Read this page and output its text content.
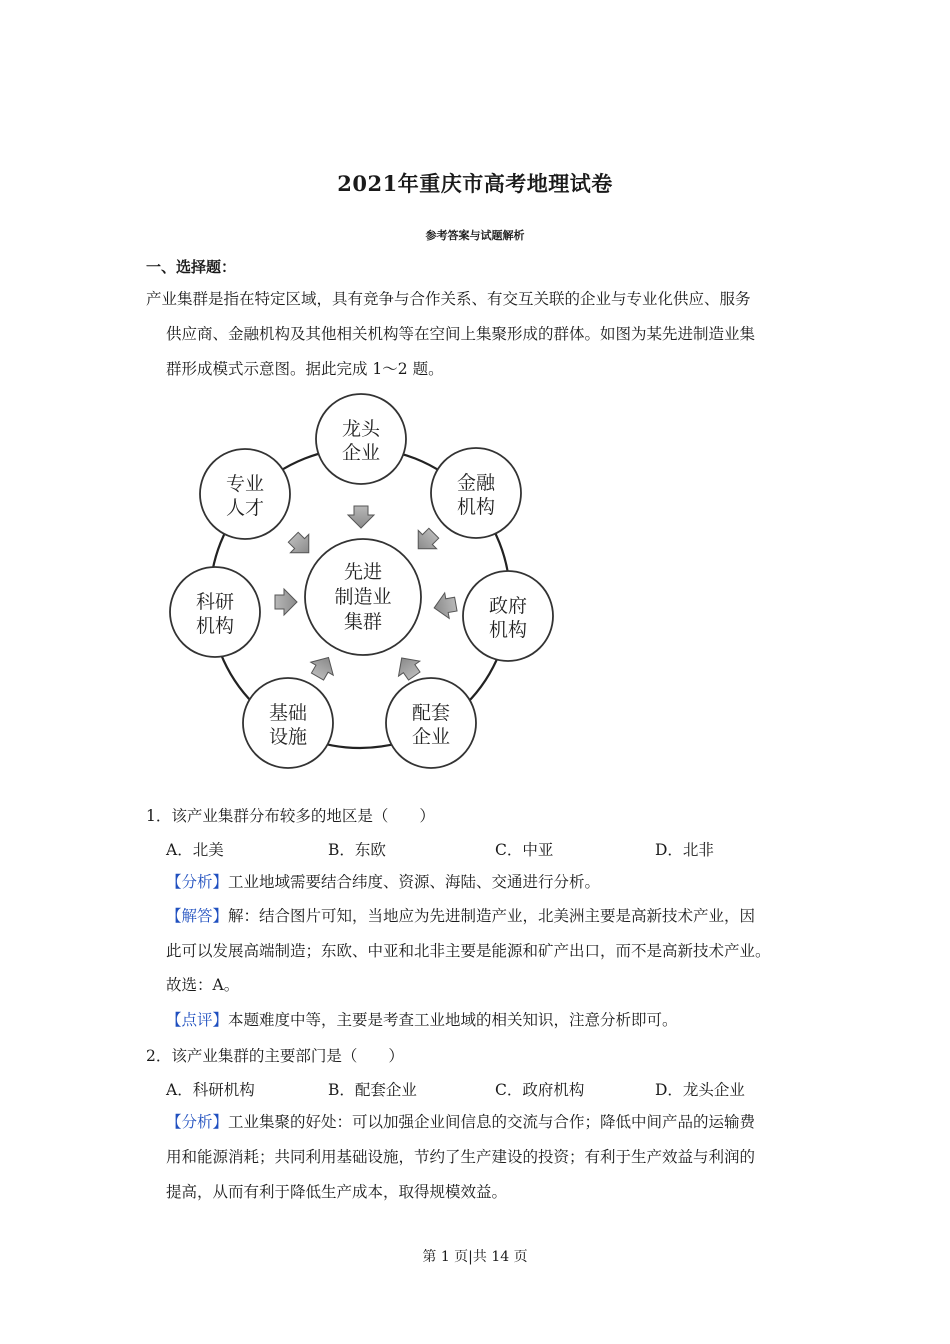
2021年重庆市高考地理试卷
参考答案与试题解析
一、选择题：
产业集群是指在特定区域，具有竞争与合作关系、有交互关联的企业与专业化供应、服务
供应商、金融机构及其他相关机构等在空间上集聚形成的群体。如图为某先进制造业集
群形成模式示意图。据此完成 1～2 题。
先进
制造业
集群
龙头
企业
金融
机构
政府
机构
配套
企业
基础
设施
科研
机构
专业
人才
1．该产业集群分布较多的地区是（　　）
A．北美	B．东欧	C．中亚	D．北非
【分析】工业地域需要结合纬度、资源、海陆、交通进行分析。
【解答】解：结合图片可知，当地应为先进制造产业，北美洲主要是高新技术产业，因
此可以发展高端制造；东欧、中亚和北非主要是能源和矿产出口，而不是高新技术产业。
故选：A。
【点评】本题难度中等，主要是考查工业地域的相关知识，注意分析即可。
2．该产业集群的主要部门是（　　）
A．科研机构	B．配套企业	C．政府机构	D．龙头企业
【分析】工业集聚的好处：可以加强企业间信息的交流与合作；降低中间产品的运输费
用和能源消耗；共同利用基础设施，节约了生产建设的投资；有利于生产效益与利润的
提高，从而有利于降低生产成本，取得规模效益。
第 1 页|共 14 页
